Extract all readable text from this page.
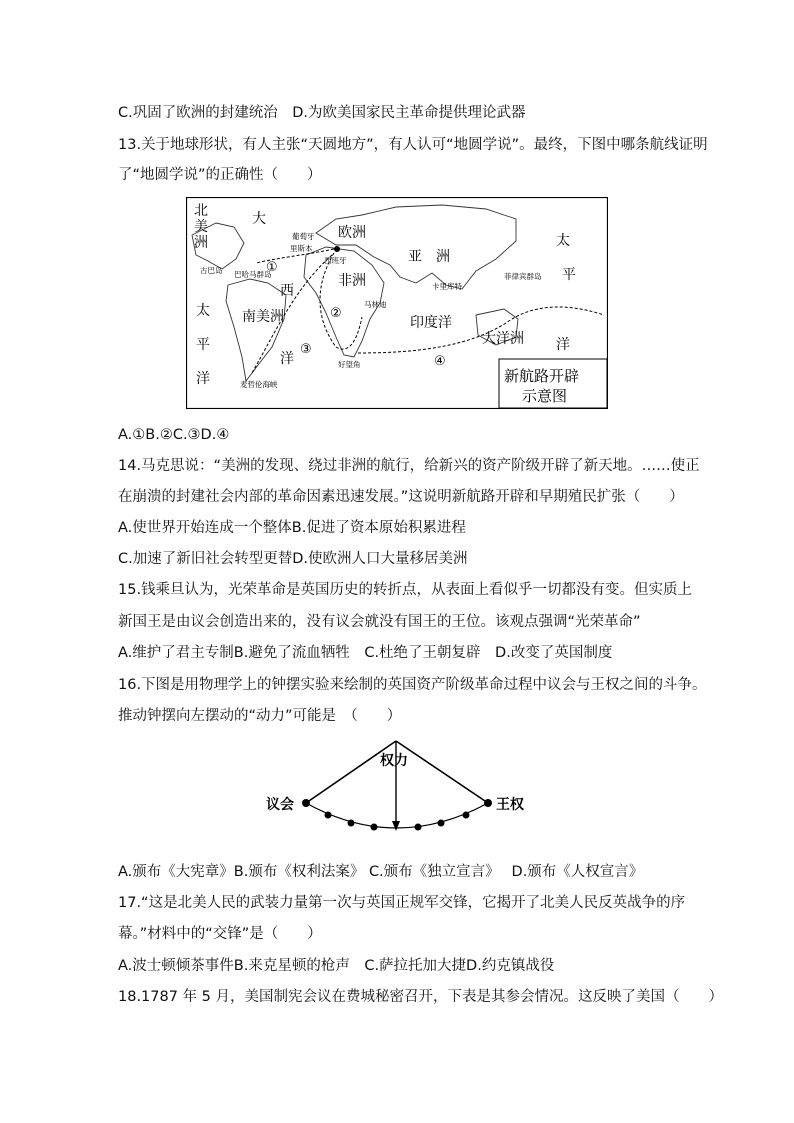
C.巩固了欧洲的封建统治　D.为欧美国家民主革命提供理论武器
13.关于地球形状，有人主张“天圆地方”，有人认可“地圆学说”。最终，下图中哪条航线证明
了“地圆学说”的正确性（　　）
北
美
洲
大
欧洲
亚　洲
非洲
西
洋
南美洲	印度洋
大洋洲
太
平
洋
太
平
洋
葡萄牙
里斯本
西班牙
古巴岛 巴哈马群岛
卡里库特
菲律宾群岛
马林迪
好望角
麦哲伦海峡
①
②
③
④
新航路开辟
示意图
A.①B.②C.③D.④
14.马克思说：“美洲的发现、绕过非洲的航行，给新兴的资产阶级开辟了新天地。……使正
在崩溃的封建社会内部的革命因素迅速发展。”这说明新航路开辟和早期殖民扩张（　　）
A.使世界开始连成一个整体B.促进了资本原始积累进程
C.加速了新旧社会转型更替D.使欧洲人口大量移居美洲
15.钱乘旦认为，光荣革命是英国历史的转折点，从表面上看似乎一切都没有变。但实质上
新国王是由议会创造出来的，没有议会就没有国王的王位。该观点强调“光荣革命”
A.维护了君主专制B.避免了流血牺牲　C.杜绝了王朝复辟　D.改变了英国制度
16.下图是用物理学上的钟摆实验来绘制的英国资产阶级革命过程中议会与王权之间的斗争。
推动钟摆向左摆动的“动力”可能是　（　　）
议会	王权
权力
A.颁布《大宪章》B.颁布《权利法案》 C.颁布《独立宣言》　 D.颁布《人权宣言》
17.“这是北美人民的武装力量第一次与英国正规军交锋，它揭开了北美人民反英战争的序
幕。”材料中的“交锋”是（　　）
A.波士顿倾茶事件B.来克星顿的枪声　C.萨拉托加大捷D.约克镇战役
18.1787 年 5 月，美国制宪会议在费城秘密召开，下表是其参会情况。这反映了美国（　　）
